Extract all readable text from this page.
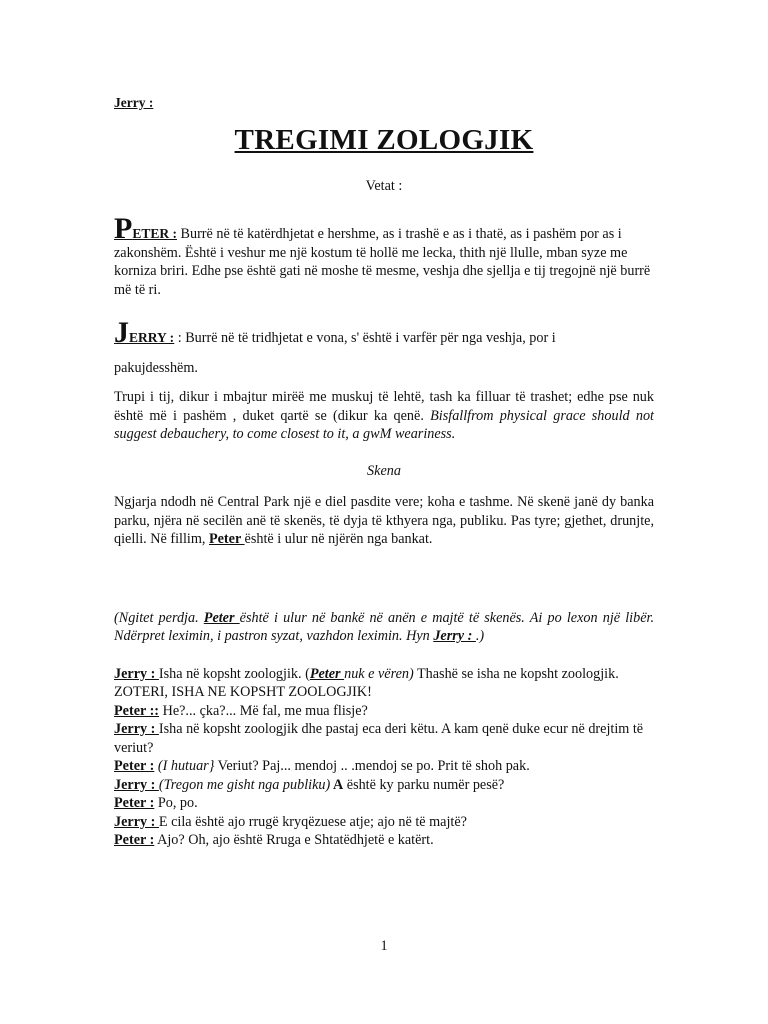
Jerry :
TREGIMI ZOLOGJIK
Vetat :
PETER : Burrë në të katërdhjetat e hershme, as i trashë e as i thatë, as i pashëm por as i zakonshëm. Është i veshur me një kostum të hollë me lecka, thith një llulle, mban syze me korniza briri. Edhe pse është gati në moshe të mesme, veshja dhe sjellja e tij tregojnë një burrë më të ri.
JERRY : : Burrë në të tridhjetat e vona, s' është i varfër për nga veshja, por i
pakujdesshëm.
Trupi i tij, dikur i mbajtur mirëë me muskuj të lehtë, tash ka filluar të trashet; edhe pse nuk është më i pashëm , duket qartë se (dikur ka qenë. Bisfallfrom physical grace should not suggest debauchery, to come closest to it, a gwM weariness.
Skena
Ngjarja ndodh në Central Park një e diel pasdite vere; koha e tashme. Në skenë janë dy banka parku, njëra në secilën anë të skenës, të dyja të kthyera nga, publiku. Pas tyre; gjethet, drunjte, qielli. Në fillim, Peter është i ulur në njërën nga bankat.
(Ngitet perdja. Peter është i ulur në bankë në anën e majtë të skenës. Ai po lexon një libër. Ndërpret leximin, i pastron syzat, vazhdon leximin. Hyn Jerry : .)

Jerry : Isha në kopsht zoologjik. (Peter nuk e vëren) Thashë se isha ne kopsht zoologjik.

ZOTERI, ISHA NE KOPSHT ZOOLOGJIK!

Peter :: He?... çka?... Më fal, me mua flisje?

Jerry : Isha në kopsht zoologjik dhe pastaj eca deri këtu. A kam qenë duke ecur në drejtim të veriut?

Peter : (I hutuar} Veriut? Paj... mendoj .. .mendoj se po. Prit të shoh pak.

Jerry : (Tregon me gisht nga publiku) A është ky parku numër pesë?

Peter : Po, po.

Jerry : E cila është ajo rrugë kryqëzuese atje; ajo në të majtë?

Peter : Ajo? Oh, ajo është Rruga e Shtatëdhjetë e katërt.

1
